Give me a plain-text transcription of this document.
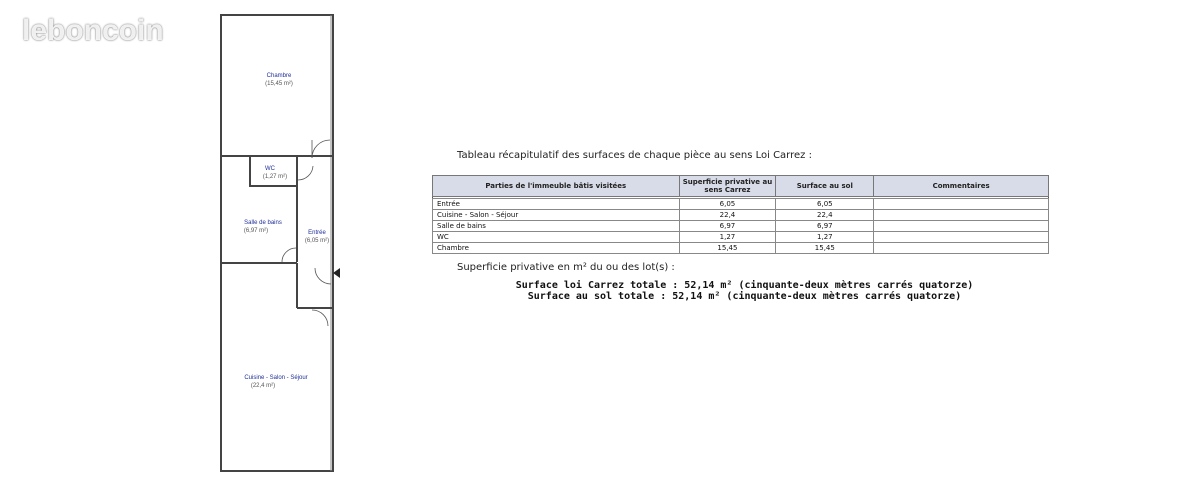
leboncoin
Chambre
(15,45 m²)
WC
(1,27 m²)
Salle de bains
(6,97 m²)	Entrée
(6,05 m²)
Cuisine - Salon - Séjour
(22,4 m²)
Tableau récapitulatif des surfaces de chaque pièce au sens Loi Carrez :
Parties de l'immeuble bâtis visitées	Superficie privative au sens Carrez	Surface au sol	Commentaires

Entrée	6,05	6,05	
Cuisine - Salon - Séjour	22,4	22,4	
Salle de bains	6,97	6,97	
WC	1,27	1,27	
Chambre	15,45	15,45	
Superficie privative en m² du ou des lot(s) :
Surface loi Carrez totale : 52,14 m² (cinquante-deux mètres carrés quatorze)
Surface au sol totale : 52,14 m² (cinquante-deux mètres carrés quatorze)
